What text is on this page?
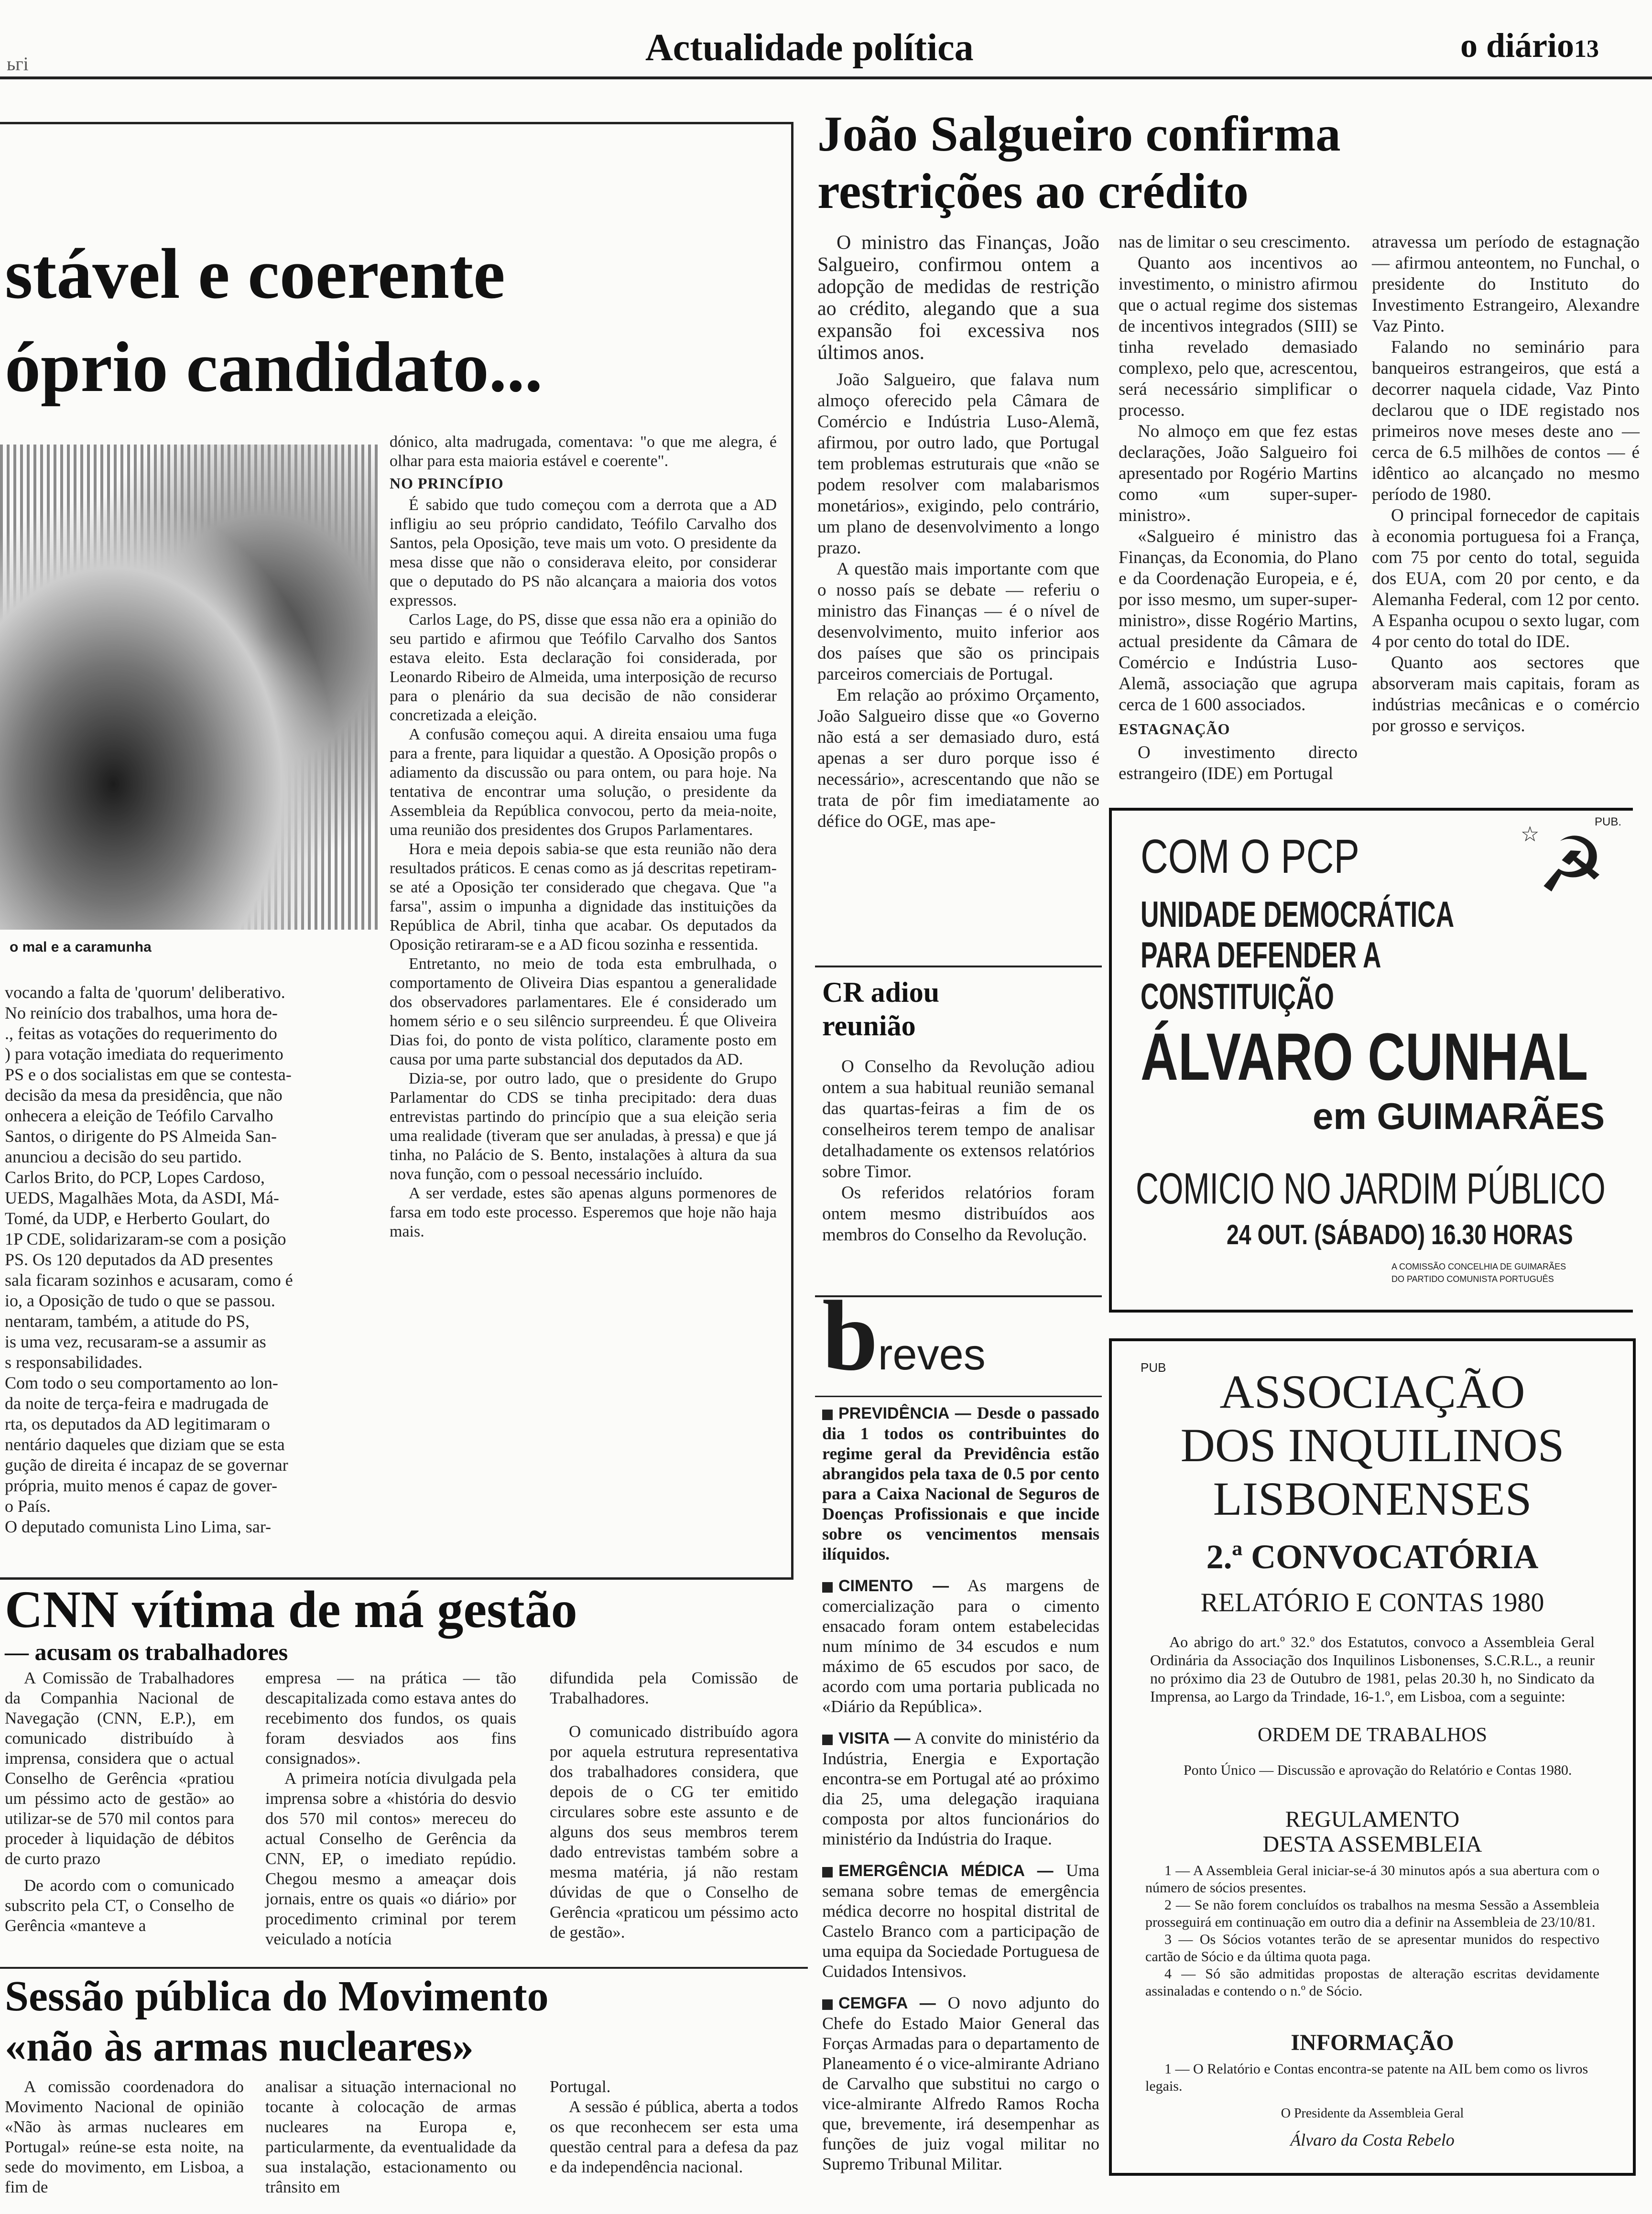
ьгі	Actualidade política	o diário13
stável e coerente
óprio candidato...
o mal e a caramunha
vocando a falta de 'quorum' deliberativo.
No reinício dos trabalhos, uma hora de-
., feitas as votações do requerimento do
) para votação imediata do requerimento
PS e o dos socialistas em que se contesta-
decisão da mesa da presidência, que não
onhecera a eleição de Teófilo Carvalho
Santos, o dirigente do PS Almeida San-
anunciou a decisão do seu partido.
Carlos Brito, do PCP, Lopes Cardoso,
UEDS, Magalhães Mota, da ASDI, Má-
Tomé, da UDP, e Herberto Goulart, do
1P CDE, solidarizaram-se com a posição
PS. Os 120 deputados da AD presentes
sala ficaram sozinhos e acusaram, como é
io, a Oposição de tudo o que se passou.
nentaram, também, a atitude do PS,
is uma vez, recusaram-se a assumir as
s responsabilidades.
Com todo o seu comportamento ao lon-
da noite de terça-feira e madrugada de
rta, os deputados da AD legitimaram o
nentário daqueles que diziam que se esta
gução de direita é incapaz de se governar
própria, muito menos é capaz de gover-
o País.
O deputado comunista Lino Lima, sar-

dónico, alta madrugada, comentava: "o que me alegra, é olhar para esta maioria estável e coerente".

NO PRINCÍPIO

É sabido que tudo começou com a derrota que a AD infligiu ao seu próprio candidato, Teófilo Carvalho dos Santos, pela Oposição, teve mais um voto. O presidente da mesa disse que não o considerava eleito, por considerar que o deputado do PS não alcançara a maioria dos votos expressos.

Carlos Lage, do PS, disse que essa não era a opinião do seu partido e afirmou que Teófilo Carvalho dos Santos estava eleito. Esta declaração foi considerada, por Leonardo Ribeiro de Almeida, uma interposição de recurso para o plenário da sua decisão de não considerar concretizada a eleição.

A confusão começou aqui. A direita ensaiou uma fuga para a frente, para liquidar a questão. A Oposição propôs o adiamento da discussão ou para ontem, ou para hoje. Na tentativa de encontrar uma solução, o presidente da Assembleia da República convocou, perto da meia-noite, uma reunião dos presidentes dos Grupos Parlamentares.

Hora e meia depois sabia-se que esta reunião não dera resultados práticos. E cenas como as já descritas repetiram-se até a Oposição ter considerado que chegava. Que "a farsa", assim o impunha a dignidade das instituições da República de Abril, tinha que acabar. Os deputados da Oposição retiraram-se e a AD ficou sozinha e ressentida.

Entretanto, no meio de toda esta embrulhada, o comportamento de Oliveira Dias espantou a generalidade dos observadores parlamentares. Ele é considerado um homem sério e o seu silêncio surpreendeu. É que Oliveira Dias foi, do ponto de vista político, claramente posto em causa por uma parte substancial dos deputados da AD.

Dizia-se, por outro lado, que o presidente do Grupo Parlamentar do CDS se tinha precipitado: dera duas entrevistas partindo do princípio que a sua eleição seria uma realidade (tiveram que ser anuladas, à pressa) e que já tinha, no Palácio de S. Bento, instalações à altura da sua nova função, com o pessoal necessário incluído.

A ser verdade, estes são apenas alguns pormenores de farsa em todo este processo. Esperemos que hoje não haja mais.

João Salgueiro confirma
restrições ao crédito

O ministro das Finanças, João Salgueiro, confirmou ontem a adopção de medidas de restrição ao crédito, alegando que a sua expansão foi excessiva nos últimos anos.

João Salgueiro, que falava num almoço oferecido pela Câmara de Comércio e Indústria Luso-Alemã, afirmou, por outro lado, que Portugal tem problemas estruturais que «não se podem resolver com malabarismos monetários», exigindo, pelo contrário, um plano de desenvolvimento a longo prazo.

A questão mais importante com que o nosso país se debate — referiu o ministro das Finanças — é o nível de desenvolvimento, muito inferior aos dos países que são os principais parceiros comerciais de Portugal.

Em relação ao próximo Orçamento, João Salgueiro disse que «o Governo não está a ser demasiado duro, está apenas a ser duro porque isso é necessário», acrescentando que não se trata de pôr fim imediatamente ao défice do OGE, mas ape-

nas de limitar o seu crescimento.

Quanto aos incentivos ao investimento, o ministro afirmou que o actual regime dos sistemas de incentivos integrados (SIII) se tinha revelado demasiado complexo, pelo que, acrescentou, será necessário simplificar o processo.

No almoço em que fez estas declarações, João Salgueiro foi apresentado por Rogério Martins como «um super-super-ministro».

«Salgueiro é ministro das Finanças, da Economia, do Plano e da Coordenação Europeia, e é, por isso mesmo, um super-super-ministro», disse Rogério Martins, actual presidente da Câmara de Comércio e Indústria Luso-Alemã, associação que agrupa cerca de 1 600 associados.

ESTAGNAÇÃO

O investimento directo estrangeiro (IDE) em Portugal

atravessa um período de estagnação — afirmou anteontem, no Funchal, o presidente do Instituto do Investimento Estrangeiro, Alexandre Vaz Pinto.

Falando no seminário para banqueiros estrangeiros, que está a decorrer naquela cidade, Vaz Pinto declarou que o IDE registado nos primeiros nove meses deste ano — cerca de 6.5 milhões de contos — é idêntico ao alcançado no mesmo período de 1980.

O principal fornecedor de capitais à economia portuguesa foi a França, com 75 por cento do total, seguida dos EUA, com 20 por cento, e da Alemanha Federal, com 12 por cento. A Espanha ocupou o sexto lugar, com 4 por cento do total do IDE.

Quanto aos sectores que absorveram mais capitais, foram as indústrias mecânicas e o comércio por grosso e serviços.

CR adiou
reunião

O Conselho da Revolução adiou ontem a sua habitual reunião semanal das quartas-feiras a fim de os conselheiros terem tempo de analisar detalhadamente os extensos relatórios sobre Timor.

Os referidos relatórios foram ontem mesmo distribuídos aos membros do Conselho da Revolução.

breves
PREVIDÊNCIA — Desde o passado dia 1 todos os contribuintes do regime geral da Previdência estão abrangidos pela taxa de 0.5 por cento para a Caixa Nacional de Seguros de Doenças Profissionais e que incide sobre os vencimentos mensais ilíquidos.
CIMENTO — As margens de comercialização para o cimento ensacado foram ontem estabelecidas num mínimo de 34 escudos e num máximo de 65 escudos por saco, de acordo com uma portaria publicada no «Diário da República».
VISITA — A convite do ministério da Indústria, Energia e Exportação encontra-se em Portugal até ao próximo dia 25, uma delegação iraquiana composta por altos funcionários do ministério da Indústria do Iraque.
EMERGÊNCIA MÉDICA — Uma semana sobre temas de emergência médica decorre no hospital distrital de Castelo Branco com a participação de uma equipa da Sociedade Portuguesa de Cuidados Intensivos.
CEMGFA — O novo adjunto do Chefe do Estado Maior General das Forças Armadas para o departamento de Planeamento é o vice-almirante Adriano de Carvalho que substitui no cargo o vice-almirante Alfredo Ramos Rocha que, brevemente, irá desempenhar as funções de juiz vogal militar no Supremo Tribunal Militar.
PUB.
☆
☭
COM O PCP
UNIDADE DEMOCRÁTICA
PARA DEFENDER A CONSTITUIÇÃO
ÁLVARO CUNHAL
em GUIMARÃES
COMICIO NO JARDIM PÚBLICO
24 OUT. (SÁBADO) 16.30 HORAS
A COMISSÃO CONCELHIA DE GUIMARÃES
DO PARTIDO COMUNISTA PORTUGUÊS
PUB	ASSOCIAÇÃO
DOS INQUILINOS
LISBONENSES
2.ª CONVOCATÓRIA
RELATÓRIO E CONTAS 1980
Ao abrigo do art.º 32.º dos Estatutos, convoco a Assembleia Geral Ordinária da Associação dos Inquilinos Lisbonenses, S.C.R.L., a reunir no próximo dia 23 de Outubro de 1981, pelas 20.30 h, no Sindicato da Imprensa, ao Largo da Trindade, 16-1.º, em Lisboa, com a seguinte:
ORDEM DE TRABALHOS
Ponto Único — Discussão e aprovação do Relatório e Contas 1980.
REGULAMENTO
DESTA ASSEMBLEIA
1 — A Assembleia Geral iniciar-se-á 30 minutos após a sua abertura com o número de sócios presentes.
2 — Se não forem concluídos os trabalhos na mesma Sessão a Assembleia prosseguirá em continuação em outro dia a definir na Assembleia de 23/10/81.
3 — Os Sócios votantes terão de se apresentar munidos do respectivo cartão de Sócio e da última quota paga.
4 — Só são admitidas propostas de alteração escritas devidamente assinaladas e contendo o n.º de Sócio.
INFORMAÇÃO
1 — O Relatório e Contas encontra-se patente na AIL bem como os livros legais.
O Presidente da Assembleia Geral
Álvaro da Costa Rebelo
CNN vítima de má gestão
— acusam os trabalhadores

A Comissão de Trabalhadores da Companhia Nacional de Navegação (CNN, E.P.), em comunicado distribuído à imprensa, considera que o actual Conselho de Gerência «pratiou um péssimo acto de gestão» ao utilizar-se de 570 mil contos para proceder à liquidação de débitos de curto prazo

De acordo com o comunicado subscrito pela CT, o Conselho de Gerência «manteve a

empresa — na prática — tão descapitalizada como estava antes do recebimento dos fundos, os quais foram desviados aos fins consignados».

A primeira notícia divulgada pela imprensa sobre a «história do desvio dos 570 mil contos» mereceu do actual Conselho de Gerência da CNN, EP, o imediato repúdio. Chegou mesmo a ameaçar dois jornais, entre os quais «o diário» por procedimento criminal por terem veiculado a notícia

difundida pela Comissão de Trabalhadores.

O comunicado distribuído agora por aquela estrutura representativa dos trabalhadores considera, que depois de o CG ter emitido circulares sobre este assunto e de alguns dos seus membros terem dado entrevistas também sobre a mesma matéria, já não restam dúvidas de que o Conselho de Gerência «praticou um péssimo acto de gestão».

Sessão pública do Movimento
«não às armas nucleares»

A comissão coordenadora do Movimento Nacional de opinião «Não às armas nucleares em Portugal» reúne-se esta noite, na sede do movimento, em Lisboa, a fim de

analisar a situação internacional no tocante à colocação de armas nucleares na Europa e, particularmente, da eventualidade da sua instalação, estacionamento ou trânsito em

Portugal.

A sessão é pública, aberta a todos os que reconhecem ser esta uma questão central para a defesa da paz e da independência nacional.
